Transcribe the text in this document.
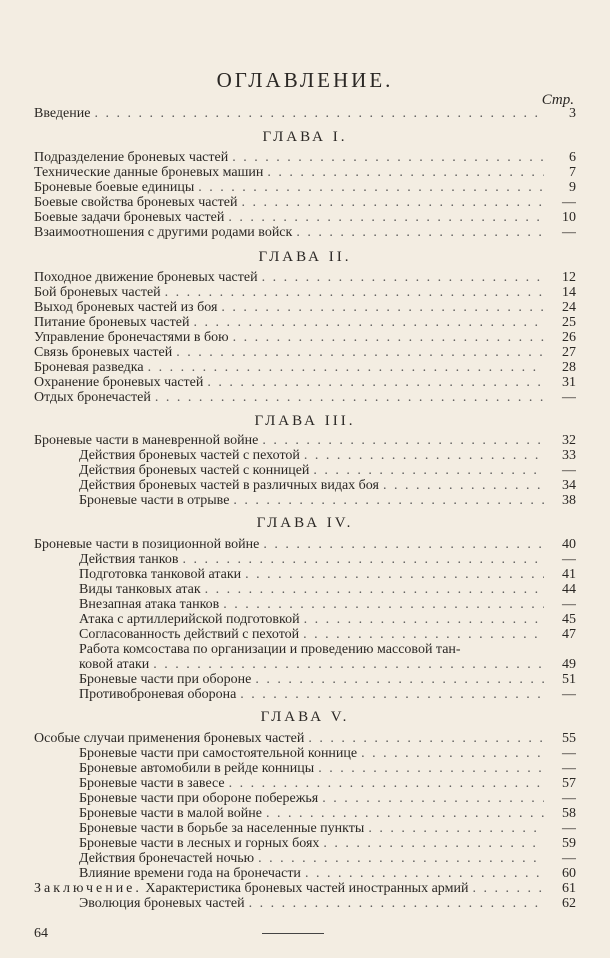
ОГЛАВЛЕНИЕ.
Стр.
Введение . . .	3
ГЛАВА I.
Подразделение броневых частей . . .	6
Технические данные броневых машин . . .	7
Броневые боевые единицы . . .	9
Боевые свойства броневых частей . . .	—
Боевые задачи броневых частей . . .	10
Взаимоотношения с другими родами войск . . .	—
ГЛАВА II.
Походное движение броневых частей . . .	12
Бой броневых частей . . .	14
Выход броневых частей из боя . . .	24
Питание броневых частей . . .	25
Управление бронечастями в бою . . .	26
Связь броневых частей . . .	27
Броневая разведка . . .	28
Охранение броневых частей . . .	31
Отдых бронечастей . . .	—
ГЛАВА III.
Броневые части в маневренной войне . . .	32
Действия броневых частей с пехотой . . .	33
Действия броневых частей с конницей . . .	—
Действия броневых частей в различных видах боя . . .	34
Броневые части в отрыве . . .	38
ГЛАВА IV.
Броневые части в позиционной войне . . .	40
Действия танков . . .	—
Подготовка танковой атаки . . .	41
Виды танковых атак . . .	44
Внезапная атака танков . . .	—
Атака с артиллерийской подготовкой . . .	45
Согласованность действий с пехотой . . .	47
Работа комсостава по организации и проведению массовой тан-
ковой атаки . . .	49
Броневые части при обороне . . .	51
Противоброневая оборона . . .	—
ГЛАВА V.
Особые случаи применения броневых частей . . .	55
Броневые части при самостоятельной коннице . . .	—
Броневые автомобили в рейде конницы . . .	—
Броневые части в завесе . . .	57
Броневые части при обороне побережья . . .	—
Броневые части в малой войне . . .	58
Броневые части в борьбе за населенные пункты . . .	—
Броневые части в лесных и горных боях . . .	59
Действия бронечастей ночью . . .	—
Влияние времени года на бронечасти . . .	60
Заключение.
Характеристика броневых частей иностранных армий . . .	61
Эволюция броневых частей . . .	62
64
